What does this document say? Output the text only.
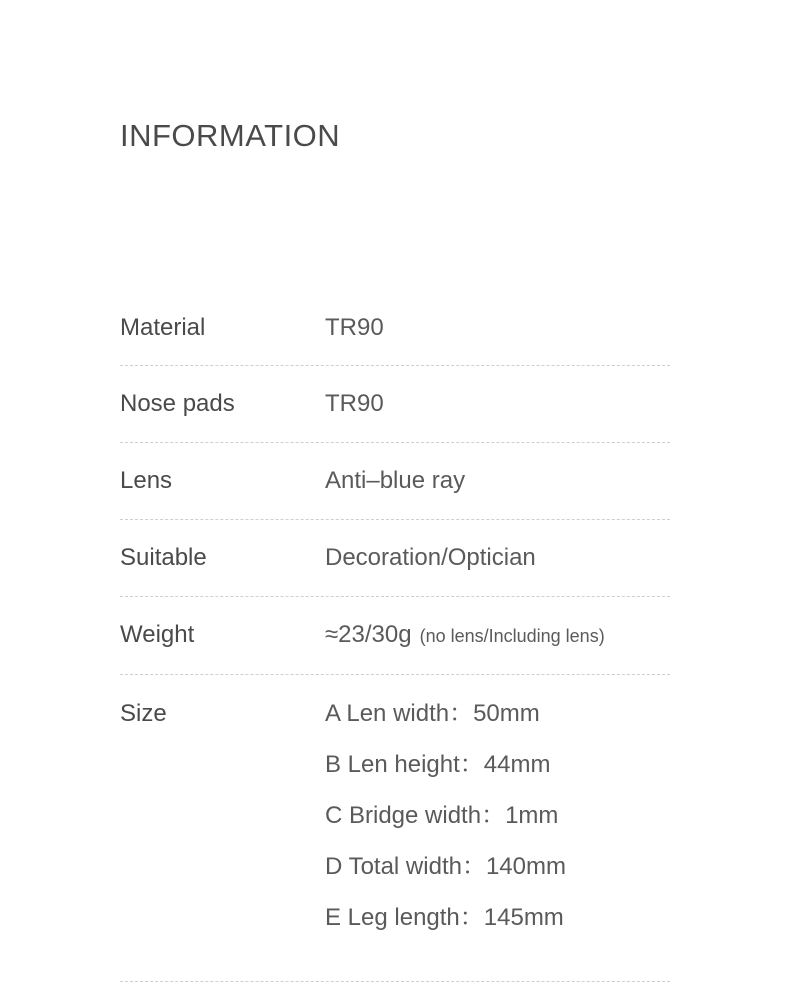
INFORMATION
Material	TR90
Nose pads	TR90
Lens	Anti–blue ray
Suitable	Decoration/Optician
Weight	≈23/30g (no lens/Including lens)
Size	A Len width：50mm
B Len height：44mm
C Bridge width：1mm
D Total width：140mm
E Leg length：145mm
